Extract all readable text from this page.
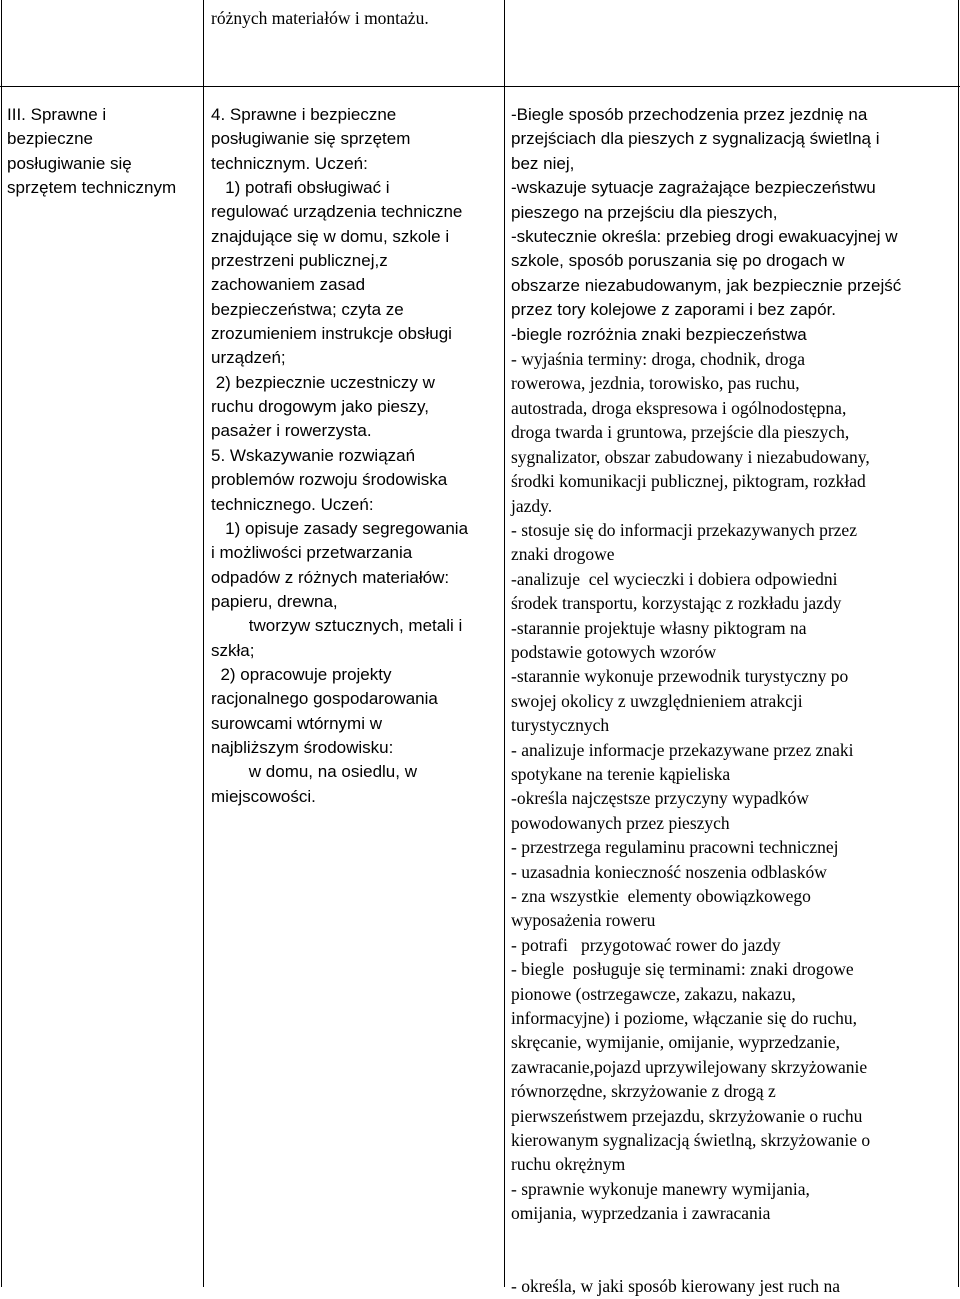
różnych materiałów i montażu.
III. Sprawne i
bezpieczne
posługiwanie się
sprzętem technicznym
4. Sprawne i bezpieczne
posługiwanie się sprzętem
technicznym. Uczeń:
1) potrafi obsługiwać i
regulować urządzenia techniczne
znajdujące się w domu, szkole i
przestrzeni publicznej,z
zachowaniem zasad
bezpieczeństwa; czyta ze
zrozumieniem instrukcje obsługi
urządzeń;
2) bezpiecznie uczestniczy w
ruchu drogowym jako pieszy,
pasażer i rowerzysta.
5. Wskazywanie rozwiązań
problemów rozwoju środowiska
technicznego. Uczeń:
1) opisuje zasady segregowania
i możliwości przetwarzania
odpadów z różnych materiałów:
papieru, drewna,
tworzyw sztucznych, metali i
szkła;
2) opracowuje projekty
racjonalnego gospodarowania
surowcami wtórnymi w
najbliższym środowisku:
w domu, na osiedlu, w
miejscowości.
-Biegle sposób przechodzenia przez jezdnię na
przejściach dla pieszych z sygnalizacją świetlną i
bez niej,
-wskazuje sytuacje zagrażające bezpieczeństwu
pieszego na przejściu dla pieszych,
-skutecznie określa: przebieg drogi ewakuacyjnej w
szkole, sposób poruszania się po drogach w
obszarze niezabudowanym, jak bezpiecznie przejść
przez tory kolejowe z zaporami i bez zapór.
-biegle rozróżnia znaki bezpieczeństwa
- wyjaśnia terminy: droga, chodnik, droga
rowerowa, jezdnia, torowisko, pas ruchu,
autostrada, droga ekspresowa i ogólnodostępna,
droga twarda i gruntowa, przejście dla pieszych,
sygnalizator, obszar zabudowany i niezabudowany,
środki komunikacji publicznej, piktogram, rozkład
jazdy.
- stosuje się do informacji przekazywanych przez
znaki drogowe
-analizuje  cel wycieczki i dobiera odpowiedni
środek transportu, korzystając z rozkładu jazdy
-starannie projektuje własny piktogram na
podstawie gotowych wzorów
-starannie wykonuje przewodnik turystyczny po
swojej okolicy z uwzględnieniem atrakcji
turystycznych
- analizuje informacje przekazywane przez znaki
spotykane na terenie kąpieliska
-określa najczęstsze przyczyny wypadków
powodowanych przez pieszych
- przestrzega regulaminu pracowni technicznej
- uzasadnia konieczność noszenia odblasków
- zna wszystkie  elementy obowiązkowego
wyposażenia roweru
- potrafi   przygotować rower do jazdy
- biegle  posługuje się terminami: znaki drogowe
pionowe (ostrzegawcze, zakazu, nakazu,
informacyjne) i poziome, włączanie się do ruchu,
skręcanie, wymijanie, omijanie, wyprzedzanie,
zawracanie,pojazd uprzywilejowany skrzyżowanie
równorzędne, skrzyżowanie z drogą z
pierwszeństwem przejazdu, skrzyżowanie o ruchu
kierowanym sygnalizacją świetlną, skrzyżowanie o
ruchu okrężnym
- sprawnie wykonuje manewry wymijania,
omijania, wyprzedzania i zawracania
- określa, w jaki sposób kierowany jest ruch na
